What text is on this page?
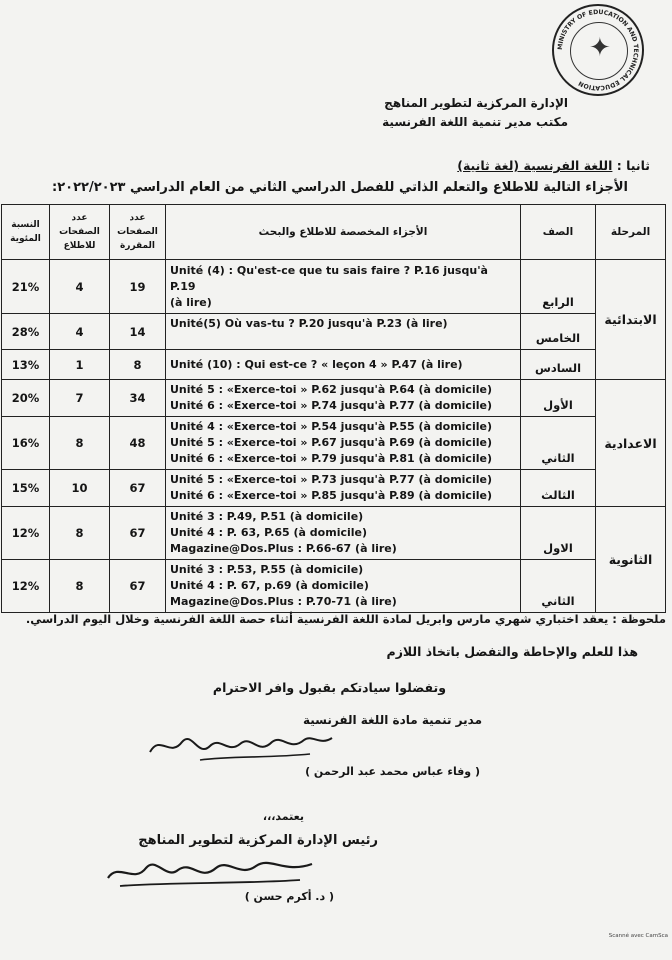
MINISTRY OF EDUCATION AND TECHNICAL EDUCATION
✦
الإدارة المركزية لتطوير المناهج
مكتب مدير تنمية اللغة الفرنسية
ثانيا : اللغة الفرنسية (لغة ثانية)
الأجزاء التالية للاطلاع والتعلم الذاتي للفصل الدراسي الثاني من العام الدراسي ٢٠٢٢/٢٠٢٣:
النسبة المئوية	عدد الصفحات للاطلاع	عدد الصفحات المقررة	الأجزاء المخصصة للاطلاع والبحث	الصف	المرحلة
21%	4	19	Unité (4) : Qu'est-ce que tu sais faire ? P.16 jusqu'à P.19
(à lire)	الرابع	الابتدائية
28%	4	14	Unité(5) Où vas-tu ? P.20 jusqu'à P.23 (à lire)	الخامس	
13%	1	8	Unité (10) : Qui est-ce ? « leçon 4 » P.47 (à lire)	السادس	
20%	7	34	Unité 5 : «Exerce-toi » P.62 jusqu'à P.64 (à domicile)
Unité 6 : «Exerce-toi » P.74 jusqu'à P.77 (à domicile)	الأول	الاعدادية
16%	8	48	Unité 4 : «Exerce-toi » P.54 jusqu'à P.55 (à domicile)
Unité 5 : «Exerce-toi » P.67 jusqu'à P.69 (à domicile)
Unité 6 : «Exerce-toi » P.79 jusqu'à P.81 (à domicile)	الثاني	
15%	10	67	Unité 5 : «Exerce-toi » P.73 jusqu'à P.77 (à domicile)
Unité 6 : «Exerce-toi » P.85 jusqu'à P.89 (à domicile)	الثالث	
12%	8	67	Unité 3 : P.49, P.51 (à domicile)
Unité 4 : P. 63, P.65 (à domicile)
Magazine@Dos.Plus : P.66-67 (à lire)	الاول	الثانوية
12%	8	67	Unité 3 : P.53, P.55 (à domicile)
Unité 4 : P. 67, p.69 (à domicile)
Magazine@Dos.Plus : P.70-71 (à lire)	الثاني	
ملحوظة : يعقد اختباري شهري مارس وابريل لمادة اللغة الفرنسية أثناء حصة اللغة الفرنسية وخلال اليوم الدراسي.
هذا للعلم والإحاطة والتفضل باتخاذ اللازم
وتفضلوا سيادتكم بقبول وافر الاحترام
مدير تنمية مادة اللغة الفرنسية
( وفاء عباس محمد عبد الرحمن )
يعتمد،،،
رئيس الإدارة المركزية لتطوير المناهج
( د. أكرم حسن )
Scanné avec CamSca
